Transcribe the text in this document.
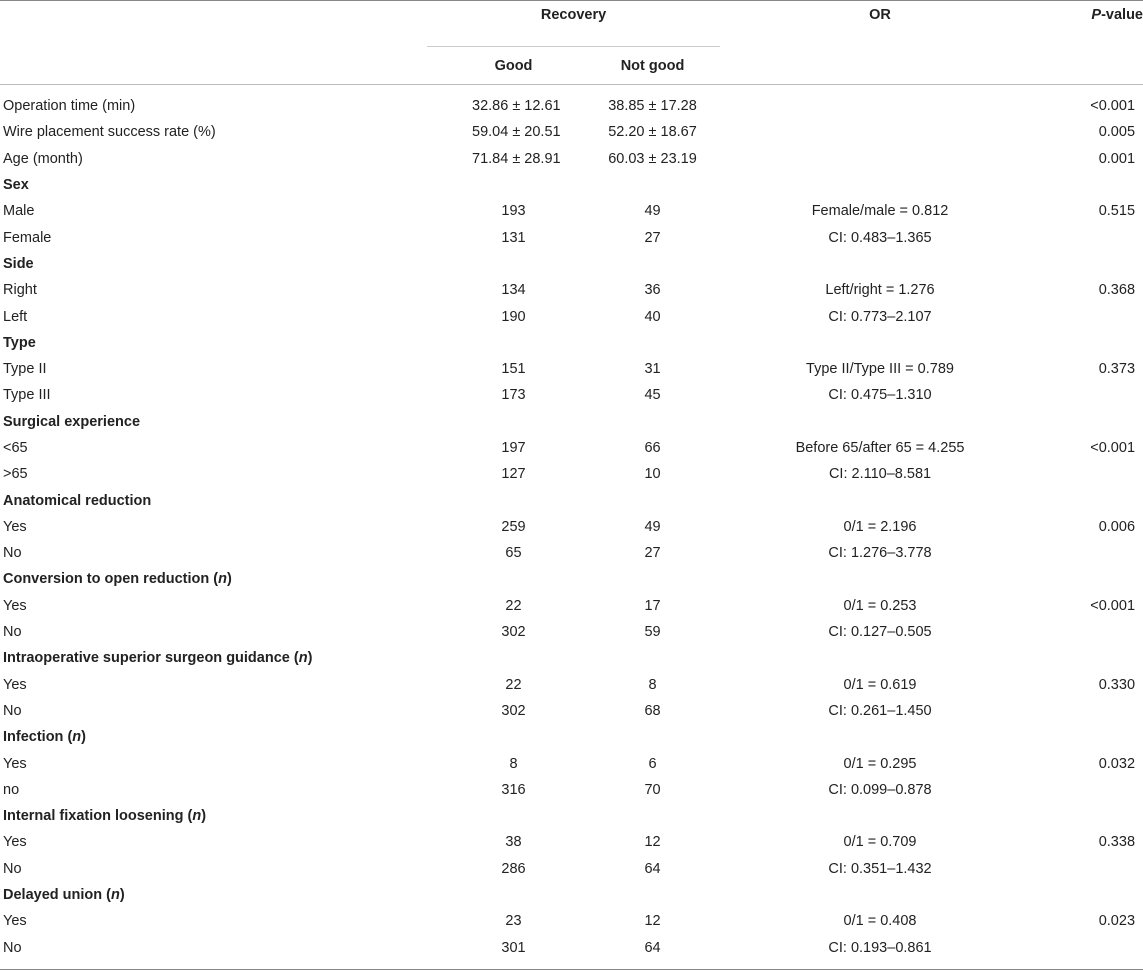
	Recovery		OR	P-value
	Good	Not good		
Operation time (min)	32.86 ± 12.61	38.85 ± 17.28		<0.001
Wire placement success rate (%)	59.04 ± 20.51	52.20 ± 18.67		0.005
Age (month)	71.84 ± 28.91	60.03 ± 23.19		0.001
Sex				
Male	193	49	Female/male = 0.812	0.515
Female	131	27	CI: 0.483–1.365	
Side				
Right	134	36	Left/right = 1.276	0.368
Left	190	40	CI: 0.773–2.107	
Type				
Type II	151	31	Type II/Type III = 0.789	0.373
Type III	173	45	CI: 0.475–1.310	
Surgical experience				
<65	197	66	Before 65/after 65 = 4.255	<0.001
>65	127	10	CI: 2.110–8.581	
Anatomical reduction				
Yes	259	49	0/1 = 2.196	0.006
No	65	27	CI: 1.276–3.778	
Conversion to open reduction (n)				
Yes	22	17	0/1 = 0.253	<0.001
No	302	59	CI: 0.127–0.505	
Intraoperative superior surgeon guidance (n)				
Yes	22	8	0/1 = 0.619	0.330
No	302	68	CI: 0.261–1.450	
Infection (n)				
Yes	8	6	0/1 = 0.295	0.032
no	316	70	CI: 0.099–0.878	
Internal fixation loosening (n)				
Yes	38	12	0/1 = 0.709	0.338
No	286	64	CI: 0.351–1.432	
Delayed union (n)				
Yes	23	12	0/1 = 0.408	0.023
No	301	64	CI: 0.193–0.861	
